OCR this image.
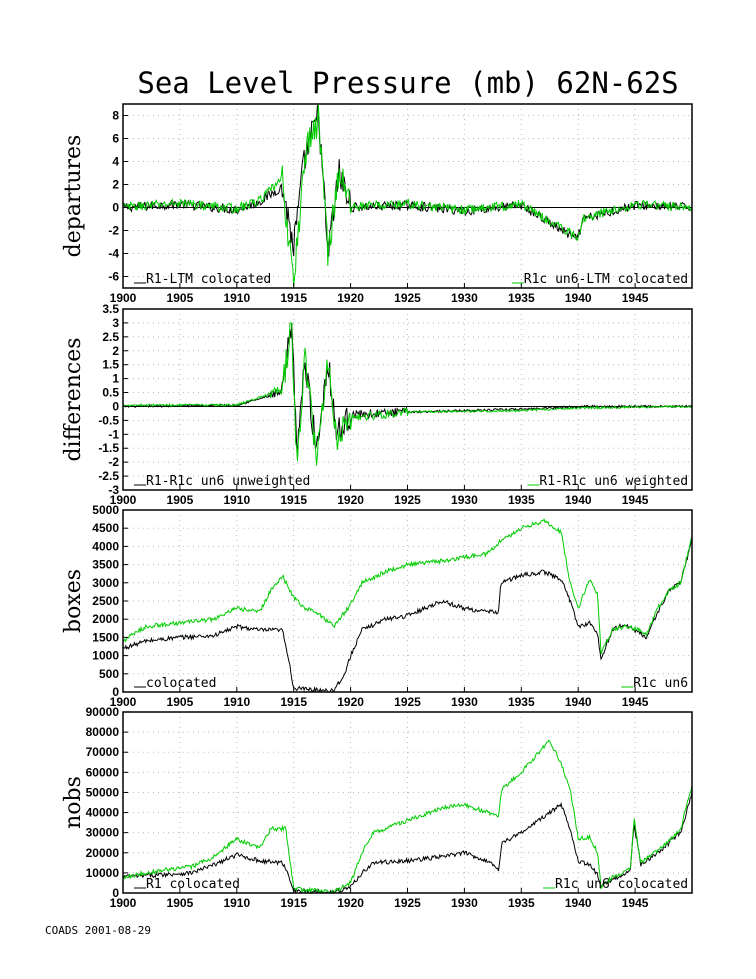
Sea Level Pressure (mb) 62N-62S
1900	1905	1910	1915	1920	1925	1930	1935	1940	1945
-6
-4
-2
0
2
4
6
8
departures
R1-LTM colocated	R1c un6-LTM colocated
1900	1905	1910	1915	1920	1925	1930	1935	1940	1945
-3
-2.5
-2
-1.5
-1
-0.5
0
0.5
1
1.5
2
2.5
3
3.5
differences
R1-R1c un6 unweighted	R1-R1c un6 weighted
1900	1905	1910	1915	1920	1925	1930	1935	1940	1945
0
500
1000
1500
2000
2500
3000
3500
4000
4500
5000
boxes
colocated	R1c un6
1900	1905	1910	1915	1920	1925	1930	1935	1940	1945
0
10000
20000
30000
40000
50000
60000
70000
80000
90000
nobs
R1 colocated	R1c un6 colocated
COADS 2001-08-29
